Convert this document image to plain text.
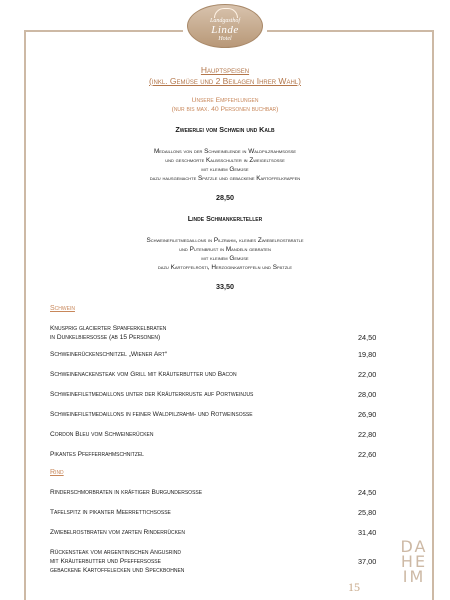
Landgasthof
Linde
Hotel
Hauptspeisen
(inkl. Gemüse und 2 Beilagen Ihrer Wahl)
Unsere Empfehlungen
(nur bis max. 40 Personen buchbar)
Zweierlei vom Schwein und Kalb
Medaillons von der Schweinelende in Waldpilzrahmsoße
und geschmorte Kalbsschulter in Zweigeltsoße
mit kleinem Gemüse
dazu hausgemachte Spätzle und gebackene Kartoffelkrapfen
28,50
Linde Schmankerlteller
Schweinefiletmedaillons in Pilzrahm, kleines Zwiebelrostbrätle
und Putenbrust in Mandeln gebraten
mit kleinem Gemüse
dazu Kartoffelrösti, Herzoginkartoffeln und Spätzle
33,50
Schwein
Knusprig glacierter Spanferkelbraten
in Dunkelbiersoße (ab 15 Personen)	24,50
Schweinerückenschnitzel „Wiener Art“	19,80
Schweinenackensteak vom Grill mit Kräuterbutter und Bacon	22,00
Schweinefiletmedaillons unter der Kräuterkruste auf Portweinjus	28,00
Schweinefiletmedaillons in feiner Waldpilzrahm- und Rotweinsoße	26,90
Cordon Bleu vom Schweinerücken	22,80
Pikantes Pfefferrahmschnitzel	22,60
Rind
Rinderschmorbraten in kräftiger Burgundersoße	24,50
Tafelspitz in pikanter Meerrettichsoße	25,80
Zwiebelrostbraten vom zarten Rinderrücken	31,40
Rückensteak vom argentinischen Angusrind
mit Kräuterbutter und Pfeffersoße
gebackene Kartoffelecken und Speckbohnen
37,00
DA
HE
IM
15
